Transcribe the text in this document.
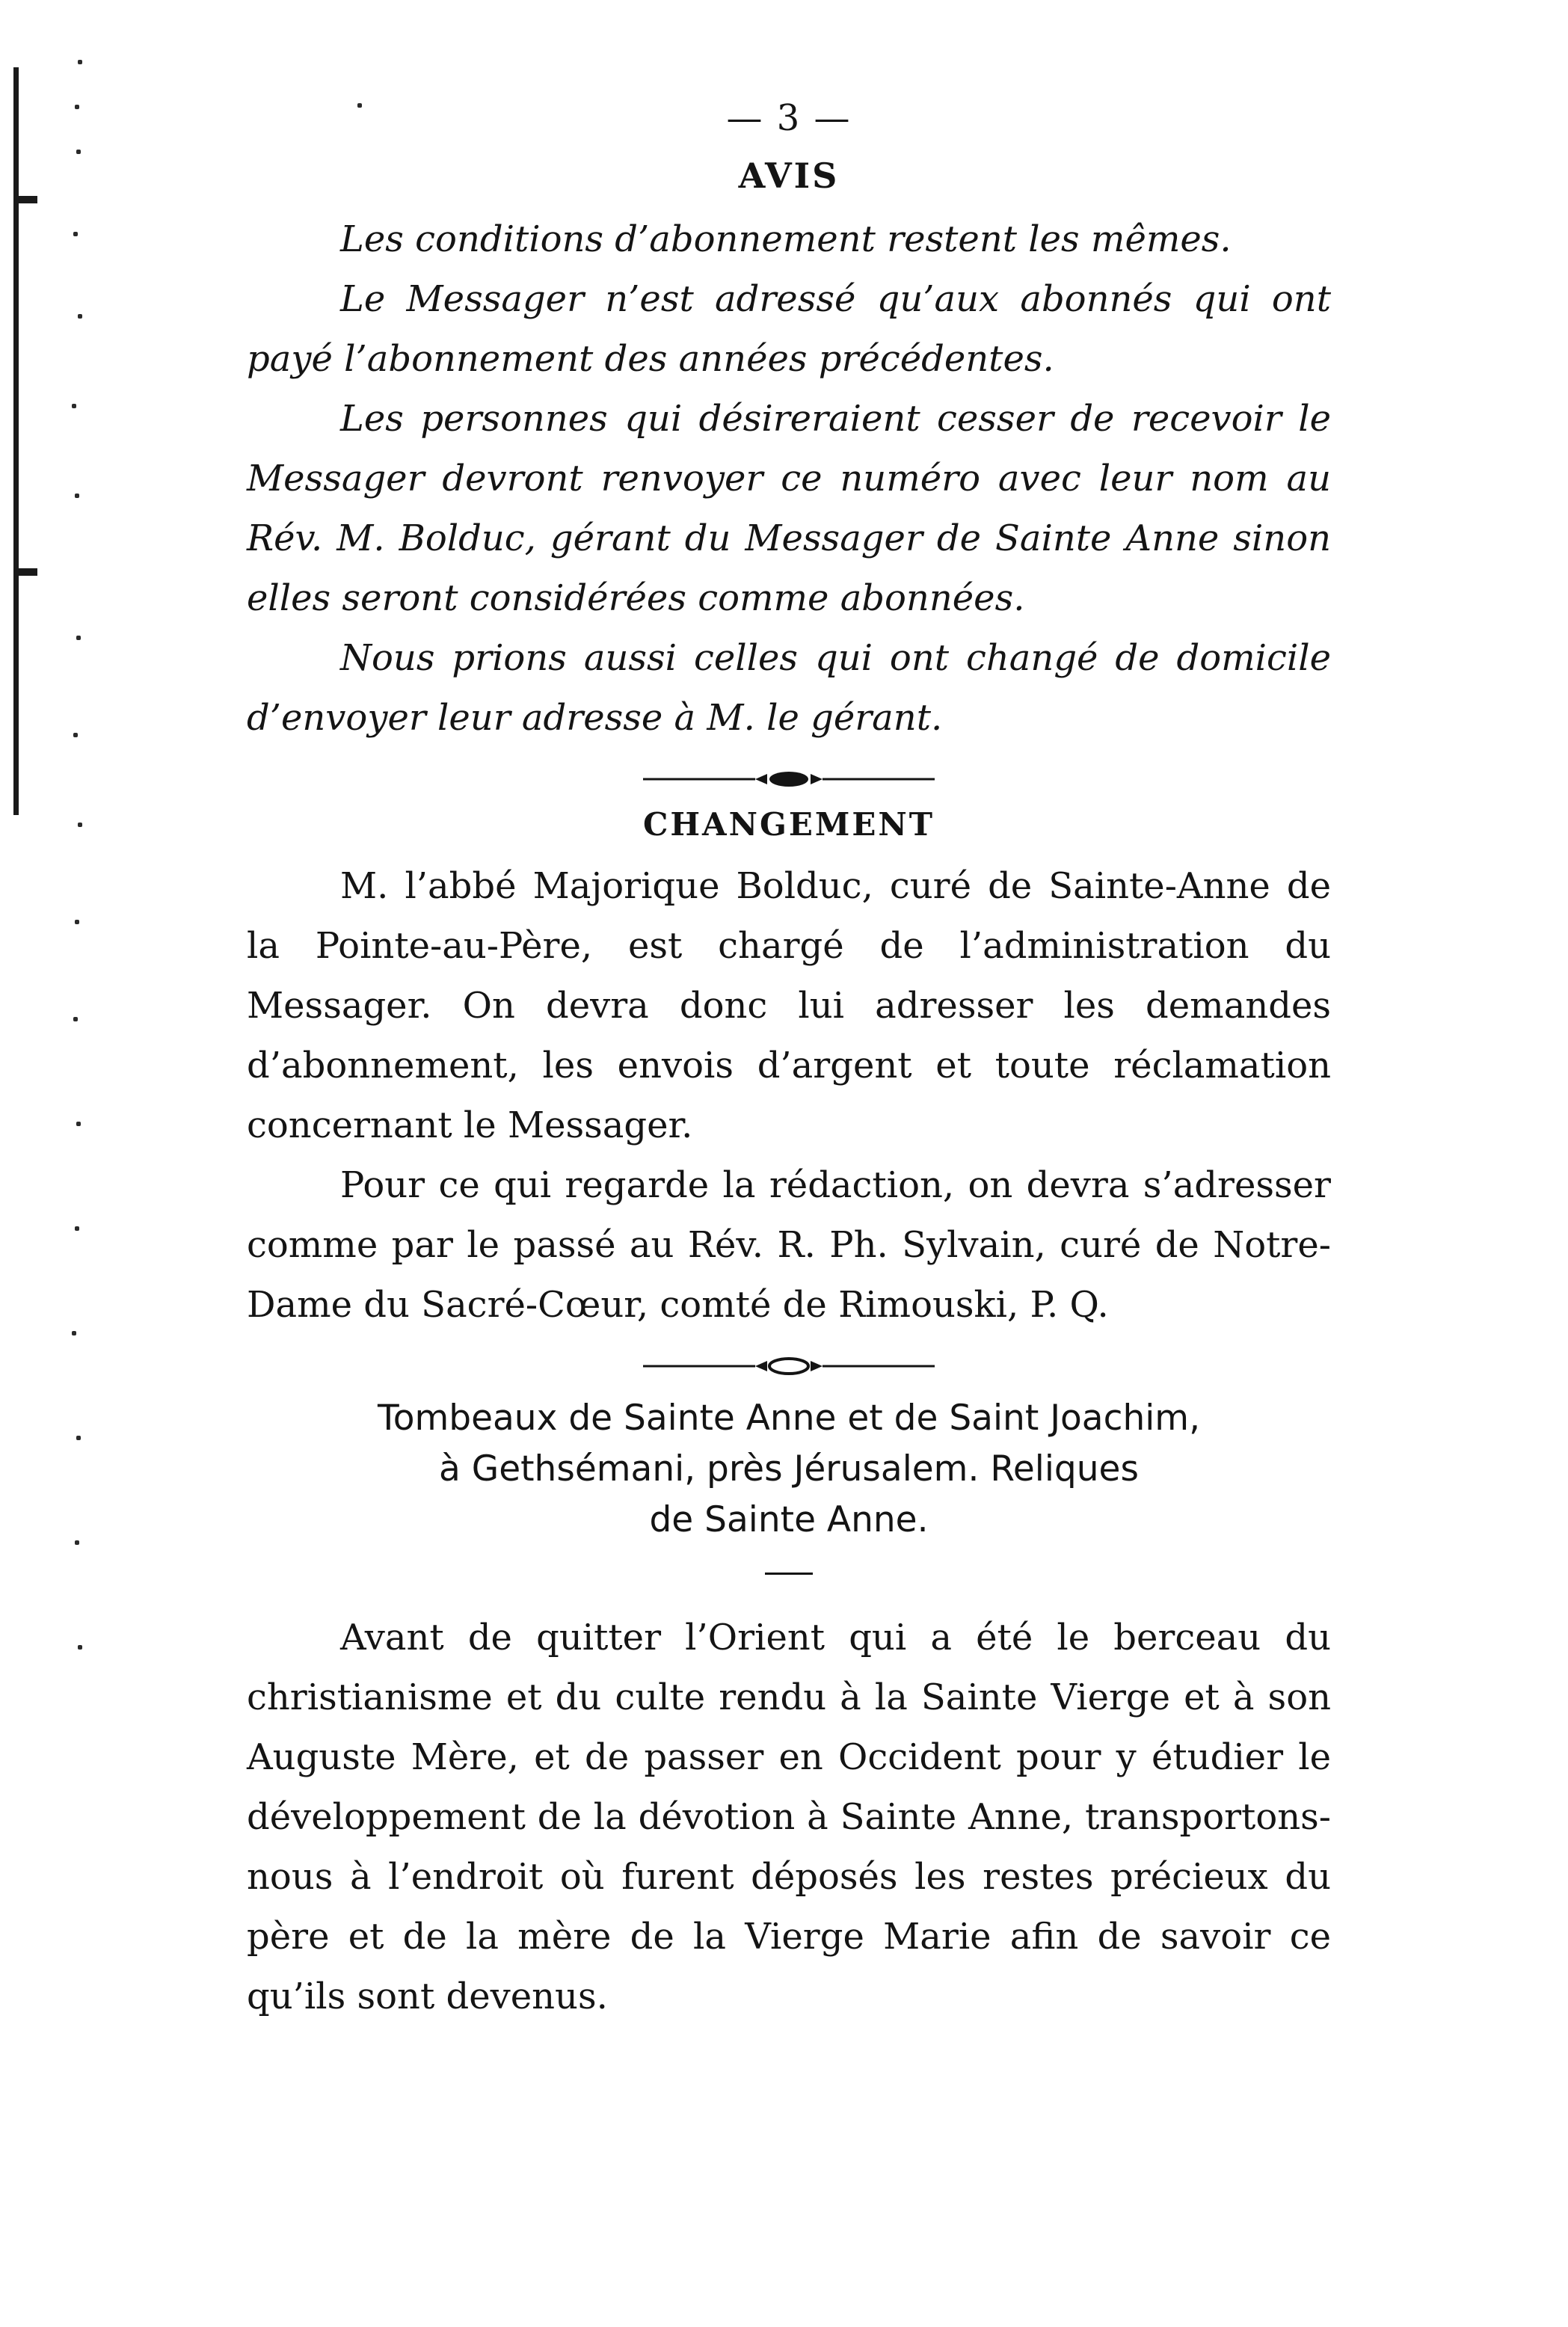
— 3 —
AVIS

Les conditions d’abonnement restent les mêmes.

Le Messager n’est adressé qu’aux abonnés qui ont payé l’abonnement des années précédentes.

Les personnes qui désireraient cesser de recevoir le Messager devront renvoyer ce numéro avec leur nom au Rév. M. Bolduc, gérant du Messager de Sainte Anne sinon elles seront considérées comme abonnées.

Nous prions aussi celles qui ont changé de domicile d’envoyer leur adresse à M. le gérant.

CHANGEMENT

M. l’abbé Majorique Bolduc, curé de Sainte-Anne de la Pointe-au-Père, est chargé de l’administration du Messager. On devra donc lui adresser les demandes d’abonnement, les envois d’argent et toute réclamation concernant le Messager.

Pour ce qui regarde la rédaction, on devra s’adresser comme par le passé au Rév. R. Ph. Sylvain, curé de Notre-Dame du Sacré-Cœur, comté de Rimouski, P. Q.

Tombeaux de Sainte Anne et de Saint Joachim,

à Gethsémani, près Jérusalem. Reliques

de Sainte Anne.

Avant de quitter l’Orient qui a été le berceau du christianisme et du culte rendu à la Sainte Vierge et à son Auguste Mère, et de passer en Occident pour y étudier le développement de la dévotion à Sainte Anne, transportons-nous à l’endroit où furent déposés les restes précieux du père et de la mère de la Vierge Marie afin de savoir ce qu’ils sont devenus.
